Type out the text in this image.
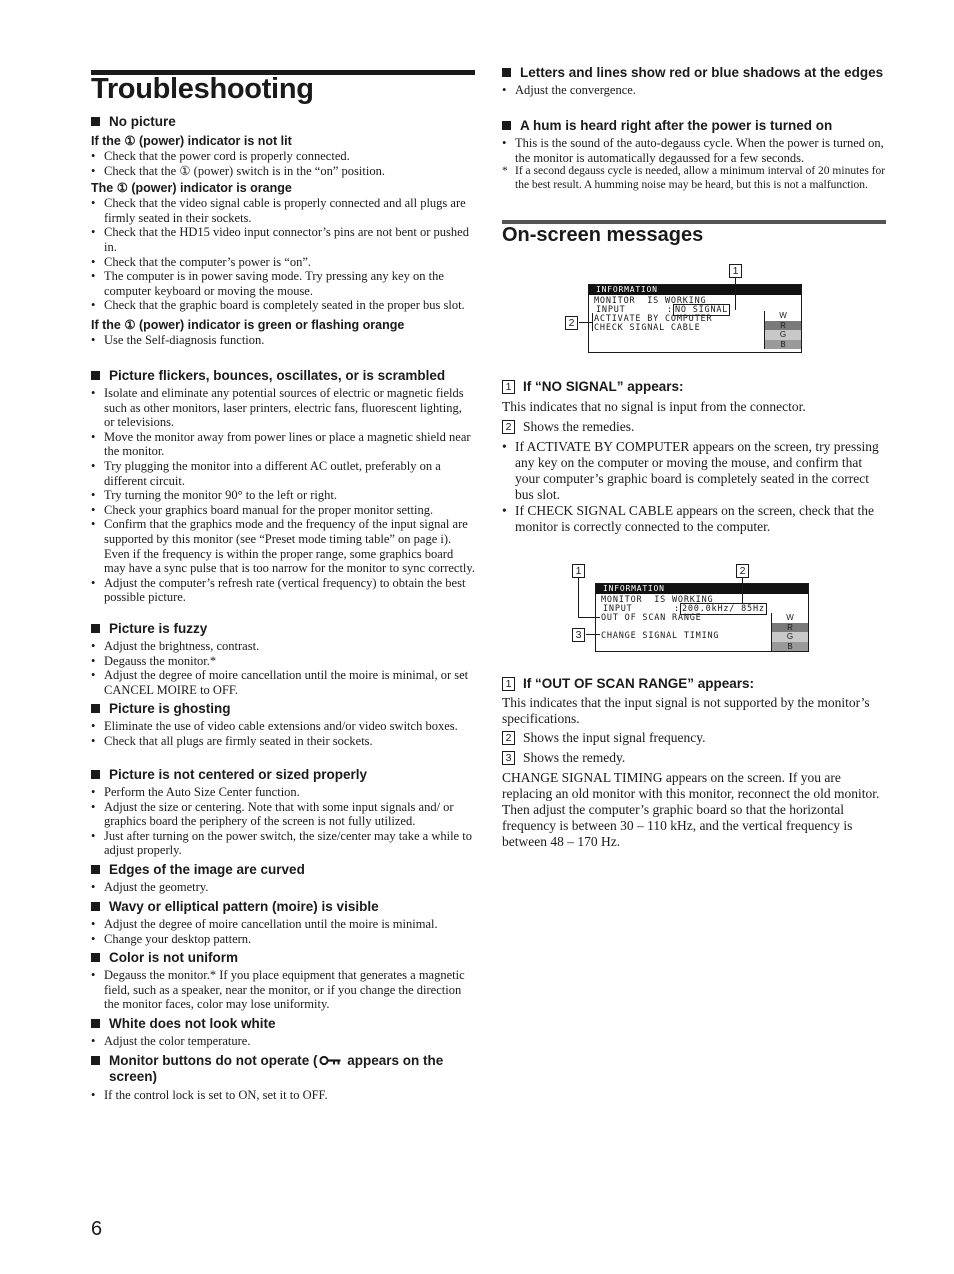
Troubleshooting
No picture
If the ① (power) indicator is not lit
• Check that the power cord is properly connected.
• Check that the ① (power) switch is in the “on” position.
The ① (power) indicator is orange
• Check that the video signal cable is properly connected and all plugs are firmly seated in their sockets.
• Check that the HD15 video input connector’s pins are not bent or pushed in.
• Check that the computer’s power is “on”.
• The computer is in power saving mode. Try pressing any key on the computer keyboard or moving the mouse.
• Check that the graphic board is completely seated in the proper bus slot.
If the ① (power) indicator is green or flashing orange
• Use the Self-diagnosis function.
Picture flickers, bounces, oscillates, or is scrambled
• Isolate and eliminate any potential sources of electric or magnetic fields such as other monitors, laser printers, electric fans, fluorescent lighting, or televisions.
• Move the monitor away from power lines or place a magnetic shield near the monitor.
• Try plugging the monitor into a different AC outlet, preferably on a different circuit.
• Try turning the monitor 90° to the left or right.
• Check your graphics board manual for the proper monitor setting.
• Confirm that the graphics mode and the frequency of the input signal are supported by this monitor (see “Preset mode timing table” on page i). Even if the frequency is within the proper range, some graphics board may have a sync pulse that is too narrow for the monitor to sync correctly.
• Adjust the computer’s refresh rate (vertical frequency) to obtain the best possible picture.
Picture is fuzzy
• Adjust the brightness, contrast.
• Degauss the monitor.*
• Adjust the degree of moire cancellation until the moire is minimal, or set CANCEL MOIRE to OFF.
Picture is ghosting
• Eliminate the use of video cable extensions and/or video switch boxes.
• Check that all plugs are firmly seated in their sockets.
Picture is not centered or sized properly
• Perform the Auto Size Center function.
• Adjust the size or centering. Note that with some input signals and/ or graphics board the periphery of the screen is not fully utilized.
• Just after turning on the power switch, the size/center may take a while to adjust properly.
Edges of the image are curved
• Adjust the geometry.
Wavy or elliptical pattern (moire) is visible
• Adjust the degree of moire cancellation until the moire is minimal.
• Change your desktop pattern.
Color is not uniform
• Degauss the monitor.* If you place equipment that generates a magnetic field, such as a speaker, near the monitor, or if you change the direction the monitor faces, color may lose uniformity.
White does not look white
• Adjust the color temperature.
Monitor buttons do not operate ( appears on the screen)
• If the control lock is set to ON, set it to OFF.
Letters and lines show red or blue shadows at the edges
• Adjust the convergence.
A hum is heard right after the power is turned on
• This is the sound of the auto-degauss cycle. When the power is turned on, the monitor is automatically degaussed for a few seconds.
* If a second degauss cycle is needed, allow a minimum interval of 20 minutes for the best result. A humming noise may be heard, but this is not a malfunction.
On-screen messages
INFORMATION
MONITOR  IS WORKING
INPUT       : NO SIGNAL
ACTIVATE BY COMPUTER
CHECK SIGNAL CABLE
W
R
G
B
1
2
1 If “NO SIGNAL” appears:

This indicates that no signal is input from the connector.

2 Shows the remedies.
• If ACTIVATE BY COMPUTER appears on the screen, try pressing any key on the computer or moving the mouse, and confirm that your computer’s graphic board is completely seated in the correct bus slot.
• If CHECK SIGNAL CABLE appears on the screen, check that the monitor is correctly connected to the computer.
INFORMATION
MONITOR  IS WORKING
INPUT       : 200.0kHz/ 85Hz
OUT OF SCAN RANGE
CHANGE SIGNAL TIMING
W
R
G
B
1	2
3
1 If “OUT OF SCAN RANGE” appears:

This indicates that the input signal is not supported by the monitor’s specifications.

2 Shows the input signal frequency.
3 Shows the remedy.

CHANGE SIGNAL TIMING appears on the screen. If you are replacing an old monitor with this monitor, reconnect the old monitor. Then adjust the computer’s graphic board so that the horizontal frequency is between 30 – 110 kHz, and the vertical frequency is between 48 – 170 Hz.

6
